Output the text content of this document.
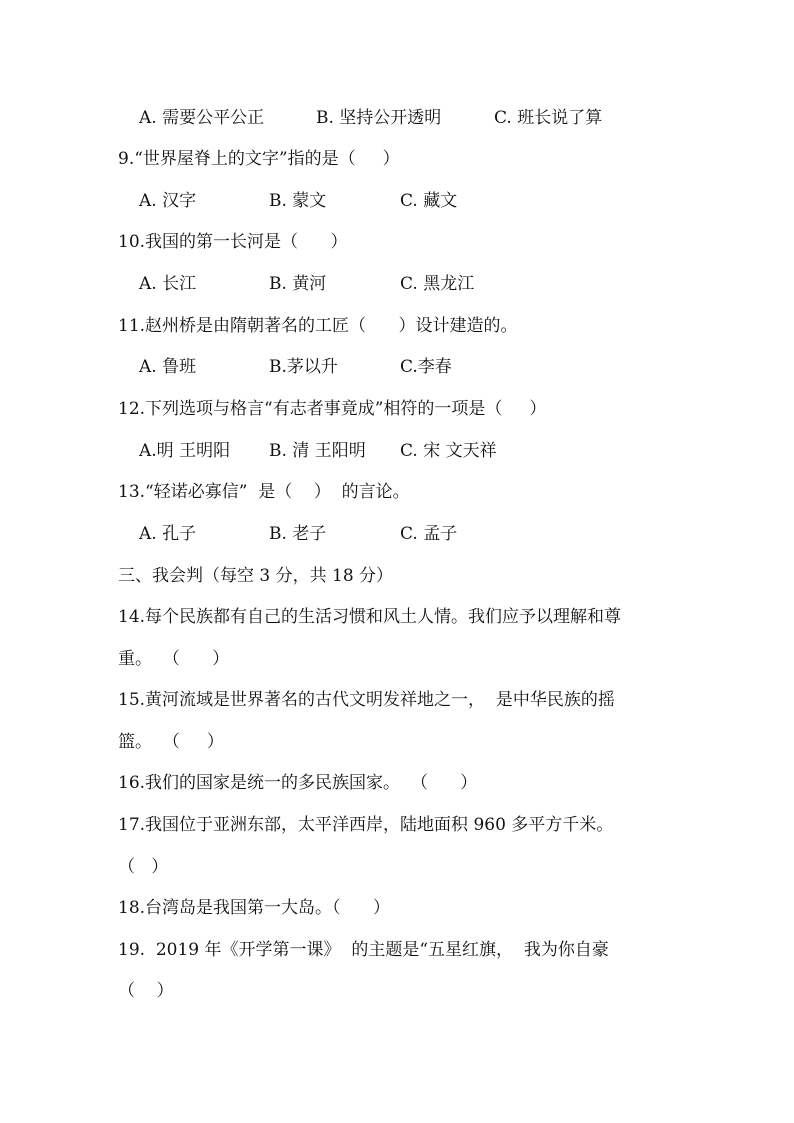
A. 需要公平公正	B. 坚持公开透明	C. 班长说了算
9.“世界屋脊上的文字”指的是（     ）
A. 汉字	B. 蒙文	C. 藏文
10.我国的第一长河是（      ）
A. 长江	B. 黄河	C. 黑龙江
11.赵州桥是由隋朝著名的工匠（      ）设计建造的。
A. 鲁班	B.茅以升	C.李春
12.下列选项与格言“有志者事竟成”相符的一项是（     ）
A.明 王明阳 B. 清 王阳明 C. 宋 文天祥
13.“轻诺必寡信”  是（    ）  的言论。
A. 孔子	B. 老子	C. 孟子
三、我会判（每空 3 分，共 18 分）
14.每个民族都有自己的生活习惯和风土人情。我们应予以理解和尊
重。  （      ）
15.黄河流域是世界著名的古代文明发祥地之一，  是中华民族的摇
篮。  （     ）
16.我们的国家是统一的多民族国家。  （      ）
17.我国位于亚洲东部，太平洋西岸，陆地面积 960 多平方千米。
（   ）
18.台湾岛是我国第一大岛。（      ）
19.  2019 年《开学第一课》  的主题是“五星红旗，  我为你自豪
（    ）
